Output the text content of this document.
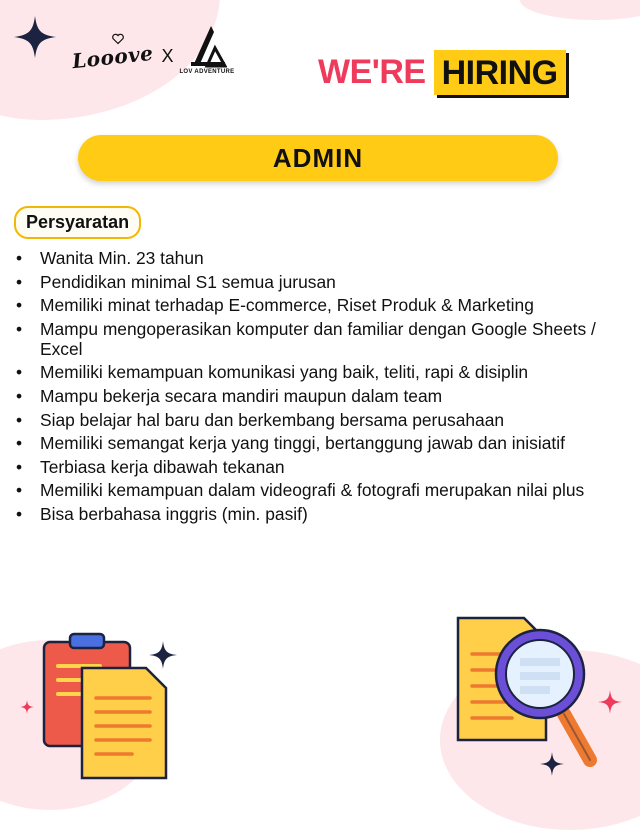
Looove X
LOV ADVENTURE WE'RE HIRING
ADMIN
Persyaratan
• Wanita Min. 23 tahun
• Pendidikan minimal S1 semua jurusan
• Memiliki minat terhadap E-commerce, Riset Produk & Marketing
• Mampu mengoperasikan komputer dan familiar dengan Google Sheets / Excel
• Memiliki kemampuan komunikasi yang baik, teliti, rapi & disiplin
• Mampu bekerja secara mandiri maupun dalam team
• Siap belajar hal baru dan berkembang bersama perusahaan
• Memiliki semangat kerja yang tinggi, bertanggung jawab dan inisiatif
• Terbiasa kerja dibawah tekanan
• Memiliki kemampuan dalam videografi & fotografi merupakan nilai plus
• Bisa berbahasa inggris (min. pasif)
